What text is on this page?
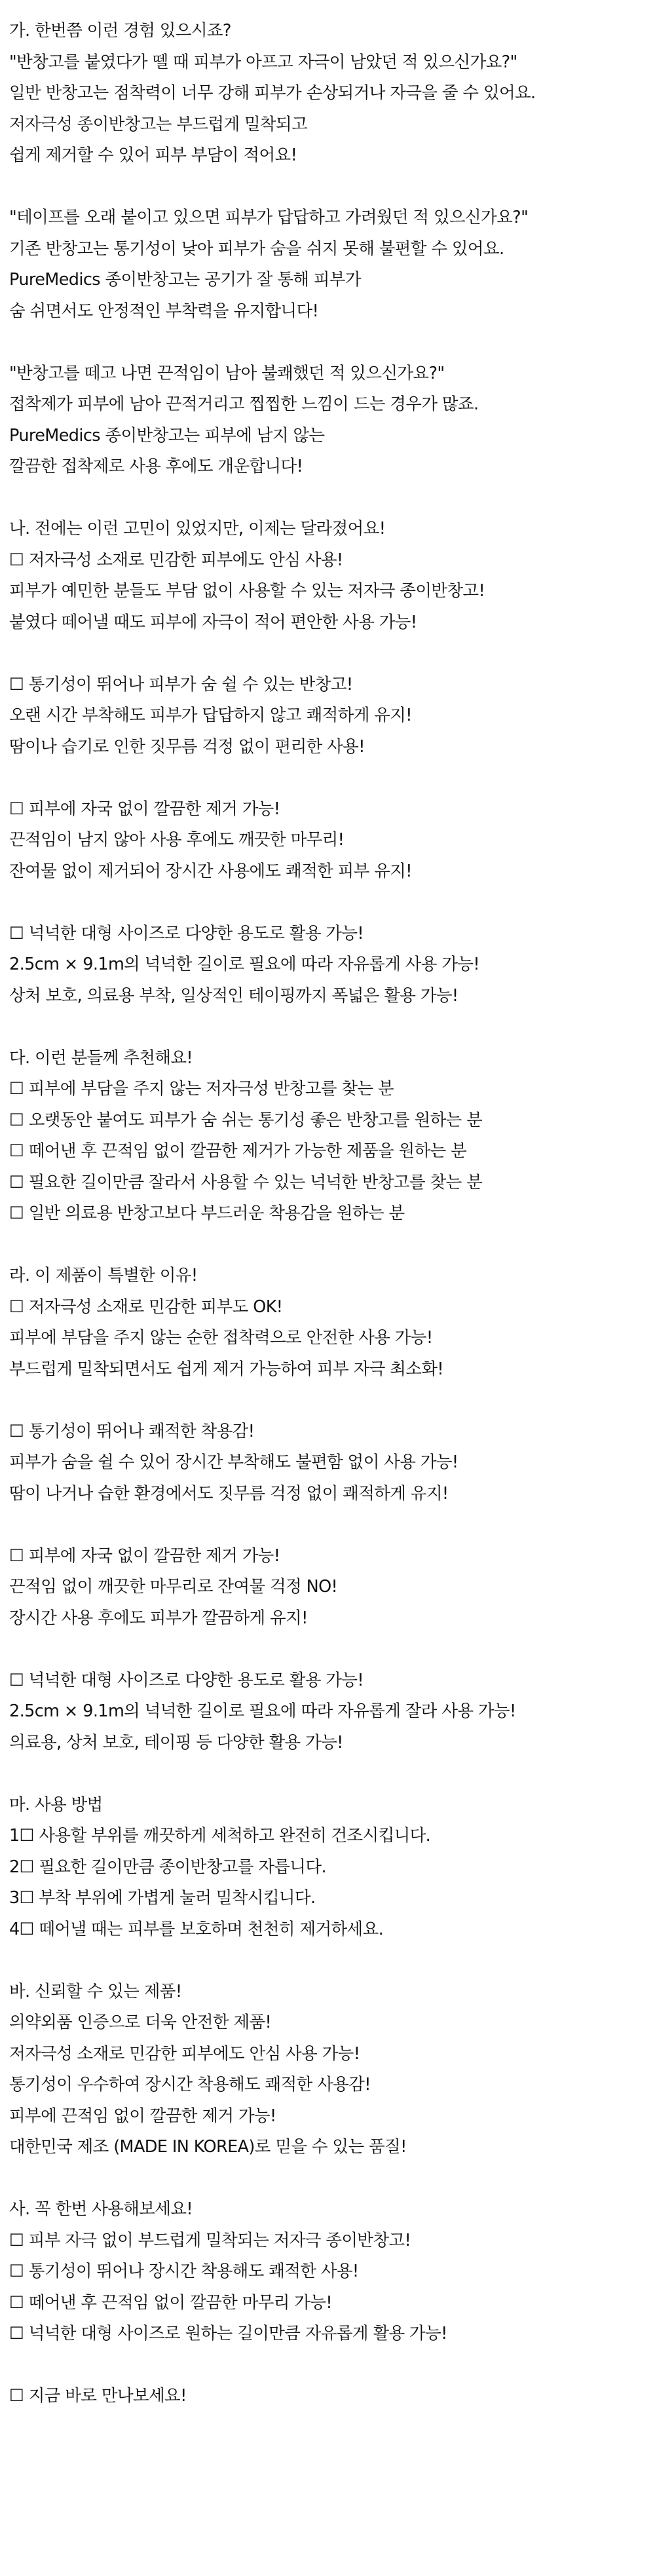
가. 한번쯤 이런 경험 있으시죠?
"반창고를 붙였다가 뗄 때 피부가 아프고 자극이 남았던 적 있으신가요?"
일반 반창고는 점착력이 너무 강해 피부가 손상되거나 자극을 줄 수 있어요.
저자극성 종이반창고는 부드럽게 밀착되고
쉽게 제거할 수 있어 피부 부담이 적어요!
"테이프를 오래 붙이고 있으면 피부가 답답하고 가려웠던 적 있으신가요?"
기존 반창고는 통기성이 낮아 피부가 숨을 쉬지 못해 불편할 수 있어요.
PureMedics 종이반창고는 공기가 잘 통해 피부가
숨 쉬면서도 안정적인 부착력을 유지합니다!
"반창고를 떼고 나면 끈적임이 남아 불쾌했던 적 있으신가요?"
접착제가 피부에 남아 끈적거리고 찝찝한 느낌이 드는 경우가 많죠.
PureMedics 종이반창고는 피부에 남지 않는
깔끔한 접착제로 사용 후에도 개운합니다!
나. 전에는 이런 고민이 있었지만, 이제는 달라졌어요!
☐ 저자극성 소재로 민감한 피부에도 안심 사용!
피부가 예민한 분들도 부담 없이 사용할 수 있는 저자극 종이반창고!
붙였다 떼어낼 때도 피부에 자극이 적어 편안한 사용 가능!
☐ 통기성이 뛰어나 피부가 숨 쉴 수 있는 반창고!
오랜 시간 부착해도 피부가 답답하지 않고 쾌적하게 유지!
땀이나 습기로 인한 짓무름 걱정 없이 편리한 사용!
☐ 피부에 자국 없이 깔끔한 제거 가능!
끈적임이 남지 않아 사용 후에도 깨끗한 마무리!
잔여물 없이 제거되어 장시간 사용에도 쾌적한 피부 유지!
☐ 넉넉한 대형 사이즈로 다양한 용도로 활용 가능!
2.5cm × 9.1m의 넉넉한 길이로 필요에 따라 자유롭게 사용 가능!
상처 보호, 의료용 부착, 일상적인 테이핑까지 폭넓은 활용 가능!
다. 이런 분들께 추천해요!
☐ 피부에 부담을 주지 않는 저자극성 반창고를 찾는 분
☐ 오랫동안 붙여도 피부가 숨 쉬는 통기성 좋은 반창고를 원하는 분
☐ 떼어낸 후 끈적임 없이 깔끔한 제거가 가능한 제품을 원하는 분
☐ 필요한 길이만큼 잘라서 사용할 수 있는 넉넉한 반창고를 찾는 분
☐ 일반 의료용 반창고보다 부드러운 착용감을 원하는 분
라. 이 제품이 특별한 이유!
☐ 저자극성 소재로 민감한 피부도 OK!
피부에 부담을 주지 않는 순한 접착력으로 안전한 사용 가능!
부드럽게 밀착되면서도 쉽게 제거 가능하여 피부 자극 최소화!
☐ 통기성이 뛰어나 쾌적한 착용감!
피부가 숨을 쉴 수 있어 장시간 부착해도 불편함 없이 사용 가능!
땀이 나거나 습한 환경에서도 짓무름 걱정 없이 쾌적하게 유지!
☐ 피부에 자국 없이 깔끔한 제거 가능!
끈적임 없이 깨끗한 마무리로 잔여물 걱정 NO!
장시간 사용 후에도 피부가 깔끔하게 유지!
☐ 넉넉한 대형 사이즈로 다양한 용도로 활용 가능!
2.5cm × 9.1m의 넉넉한 길이로 필요에 따라 자유롭게 잘라 사용 가능!
의료용, 상처 보호, 테이핑 등 다양한 활용 가능!
마. 사용 방법
1☐ 사용할 부위를 깨끗하게 세척하고 완전히 건조시킵니다.
2☐ 필요한 길이만큼 종이반창고를 자릅니다.
3☐ 부착 부위에 가볍게 눌러 밀착시킵니다.
4☐ 떼어낼 때는 피부를 보호하며 천천히 제거하세요.
바. 신뢰할 수 있는 제품!
의약외품 인증으로 더욱 안전한 제품!
저자극성 소재로 민감한 피부에도 안심 사용 가능!
통기성이 우수하여 장시간 착용해도 쾌적한 사용감!
피부에 끈적임 없이 깔끔한 제거 가능!
대한민국 제조 (MADE IN KOREA)로 믿을 수 있는 품질!
사. 꼭 한번 사용해보세요!
☐ 피부 자극 없이 부드럽게 밀착되는 저자극 종이반창고!
☐ 통기성이 뛰어나 장시간 착용해도 쾌적한 사용!
☐ 떼어낸 후 끈적임 없이 깔끔한 마무리 가능!
☐ 넉넉한 대형 사이즈로 원하는 길이만큼 자유롭게 활용 가능!
☐ 지금 바로 만나보세요!
